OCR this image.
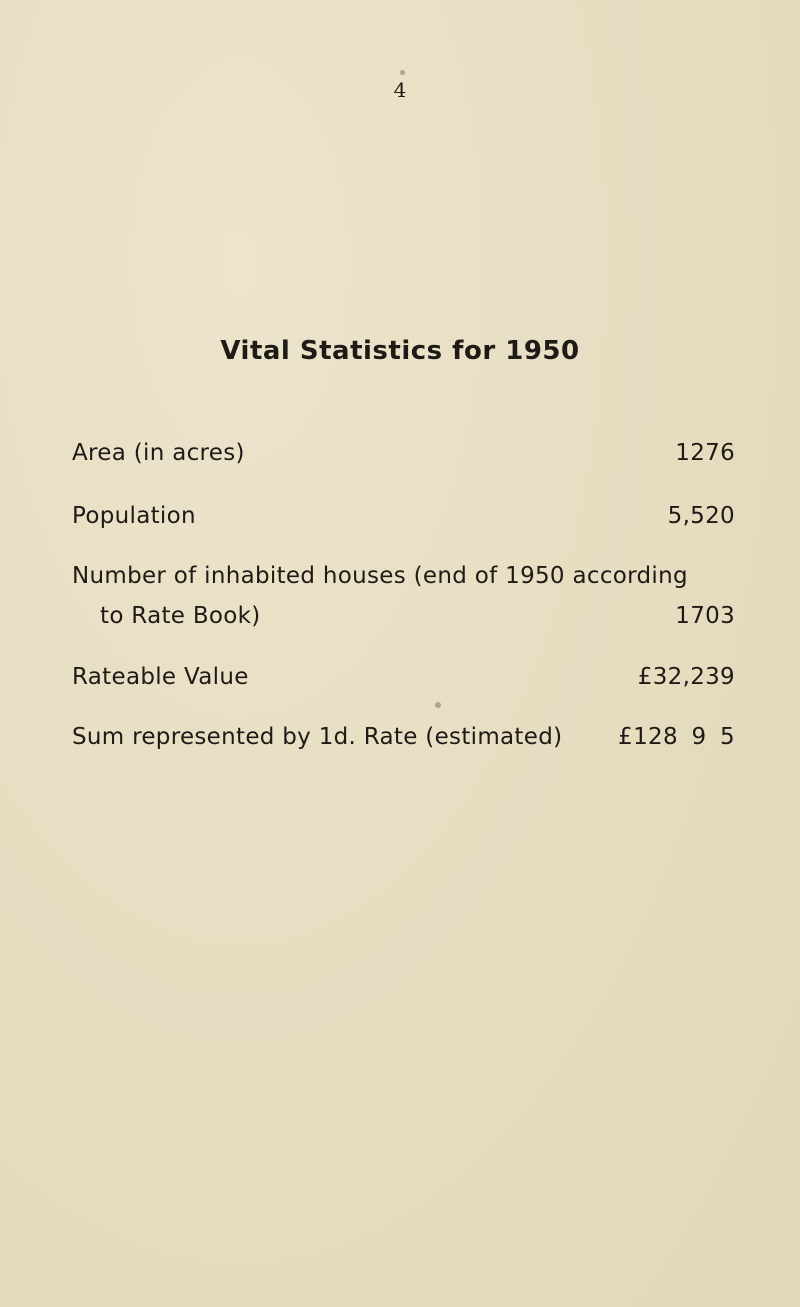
4
Vital Statistics for 1950
Area (in acres)	1276
Population	5,520
Number of inhabited houses (end of 1950 according
to Rate Book)	1703
Rateable Value	£32,239
Sum represented by 1d. Rate (estimated) £128 9 5
